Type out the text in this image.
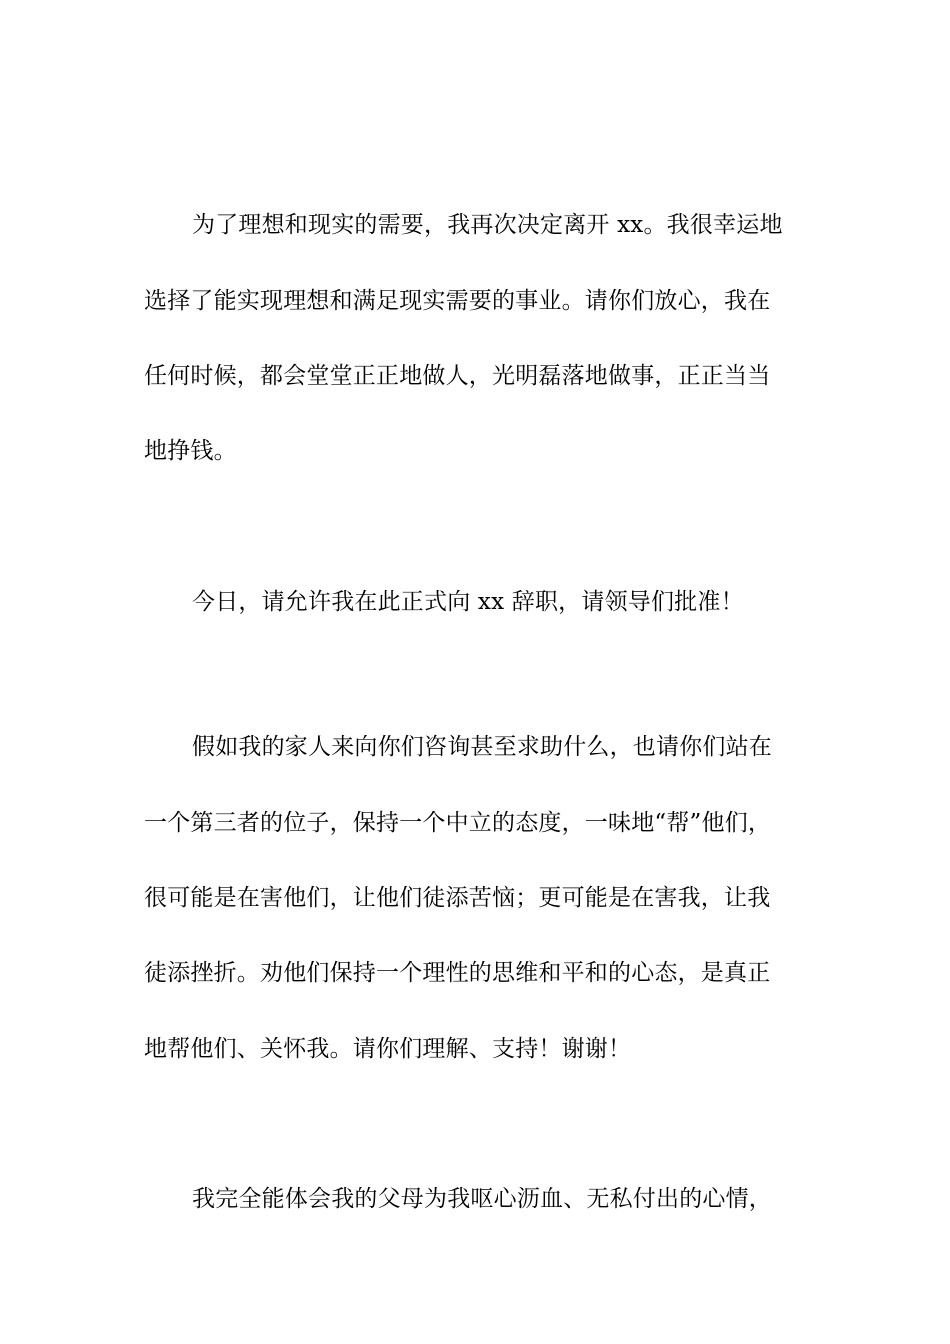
为了理想和现实的需要，我再次决定离开 xx。我很幸运地
选择了能实现理想和满足现实需要的事业。请你们放心，我在
任何时候，都会堂堂正正地做人，光明磊落地做事，正正当当
地挣钱。
今日，请允许我在此正式向 xx 辞职，请领导们批准！
假如我的家人来向你们咨询甚至求助什么，也请你们站在
一个第三者的位子，保持一个中立的态度，一味地“帮”他们，
很可能是在害他们，让他们徒添苦恼；更可能是在害我，让我
徒添挫折。劝他们保持一个理性的思维和平和的心态，是真正
地帮他们、关怀我。请你们理解、支持！谢谢！
我完全能体会我的父母为我呕心沥血、无私付出的心情，
